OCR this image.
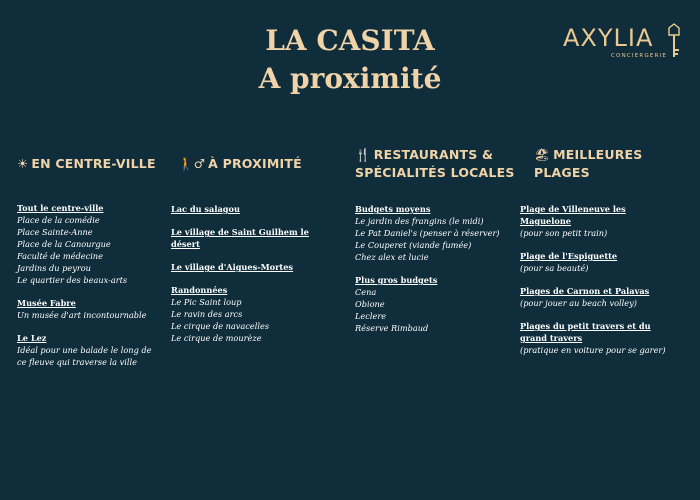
LA CASITA
A proximité
AXYLIA
CONCIERGERIE
☀ EN CENTRE-VILLE
Tout le centre-ville
Place de la comédie
Place Sainte-Anne
Place de la Canourgue
Faculté de médecine
Jardins du peyrou
Le quartier des beaux-arts
Musée Fabre
Un musée d'art incontournable
Le Lez
Idéal pour une balade le long de ce fleuve qui traverse la ville
🚶♂ À PROXIMITÉ
Lac du salagou
Le village de Saint Guilhem le désert
Le village d'Aigues-Mortes
Randonnées
Le Pic Saint loup
Le ravin des arcs
Le cirque de navacelles
Le cirque de mourèze
🍴 RESTAURANTS & SPÉCIALITÉS LOCALES
Budgets moyens
Le jardin des frangins (le midi)
Le Pat Daniel's (penser à réserver)
Le Couperet (viande fumée)
Chez alex et lucie
Plus gros budgets
Cena
Obione
Leclere
Réserve Rimbaud
🏖 MEILLEURES PLAGES
Plage de Villeneuve les Maguelone
(pour son petit train)
Plage de l'Espiguette
(pour sa beauté)
Plages de Carnon et Palavas
(pour jouer au beach volley)
Plages du petit travers et du grand travers
(pratique en voiture pour se garer)
